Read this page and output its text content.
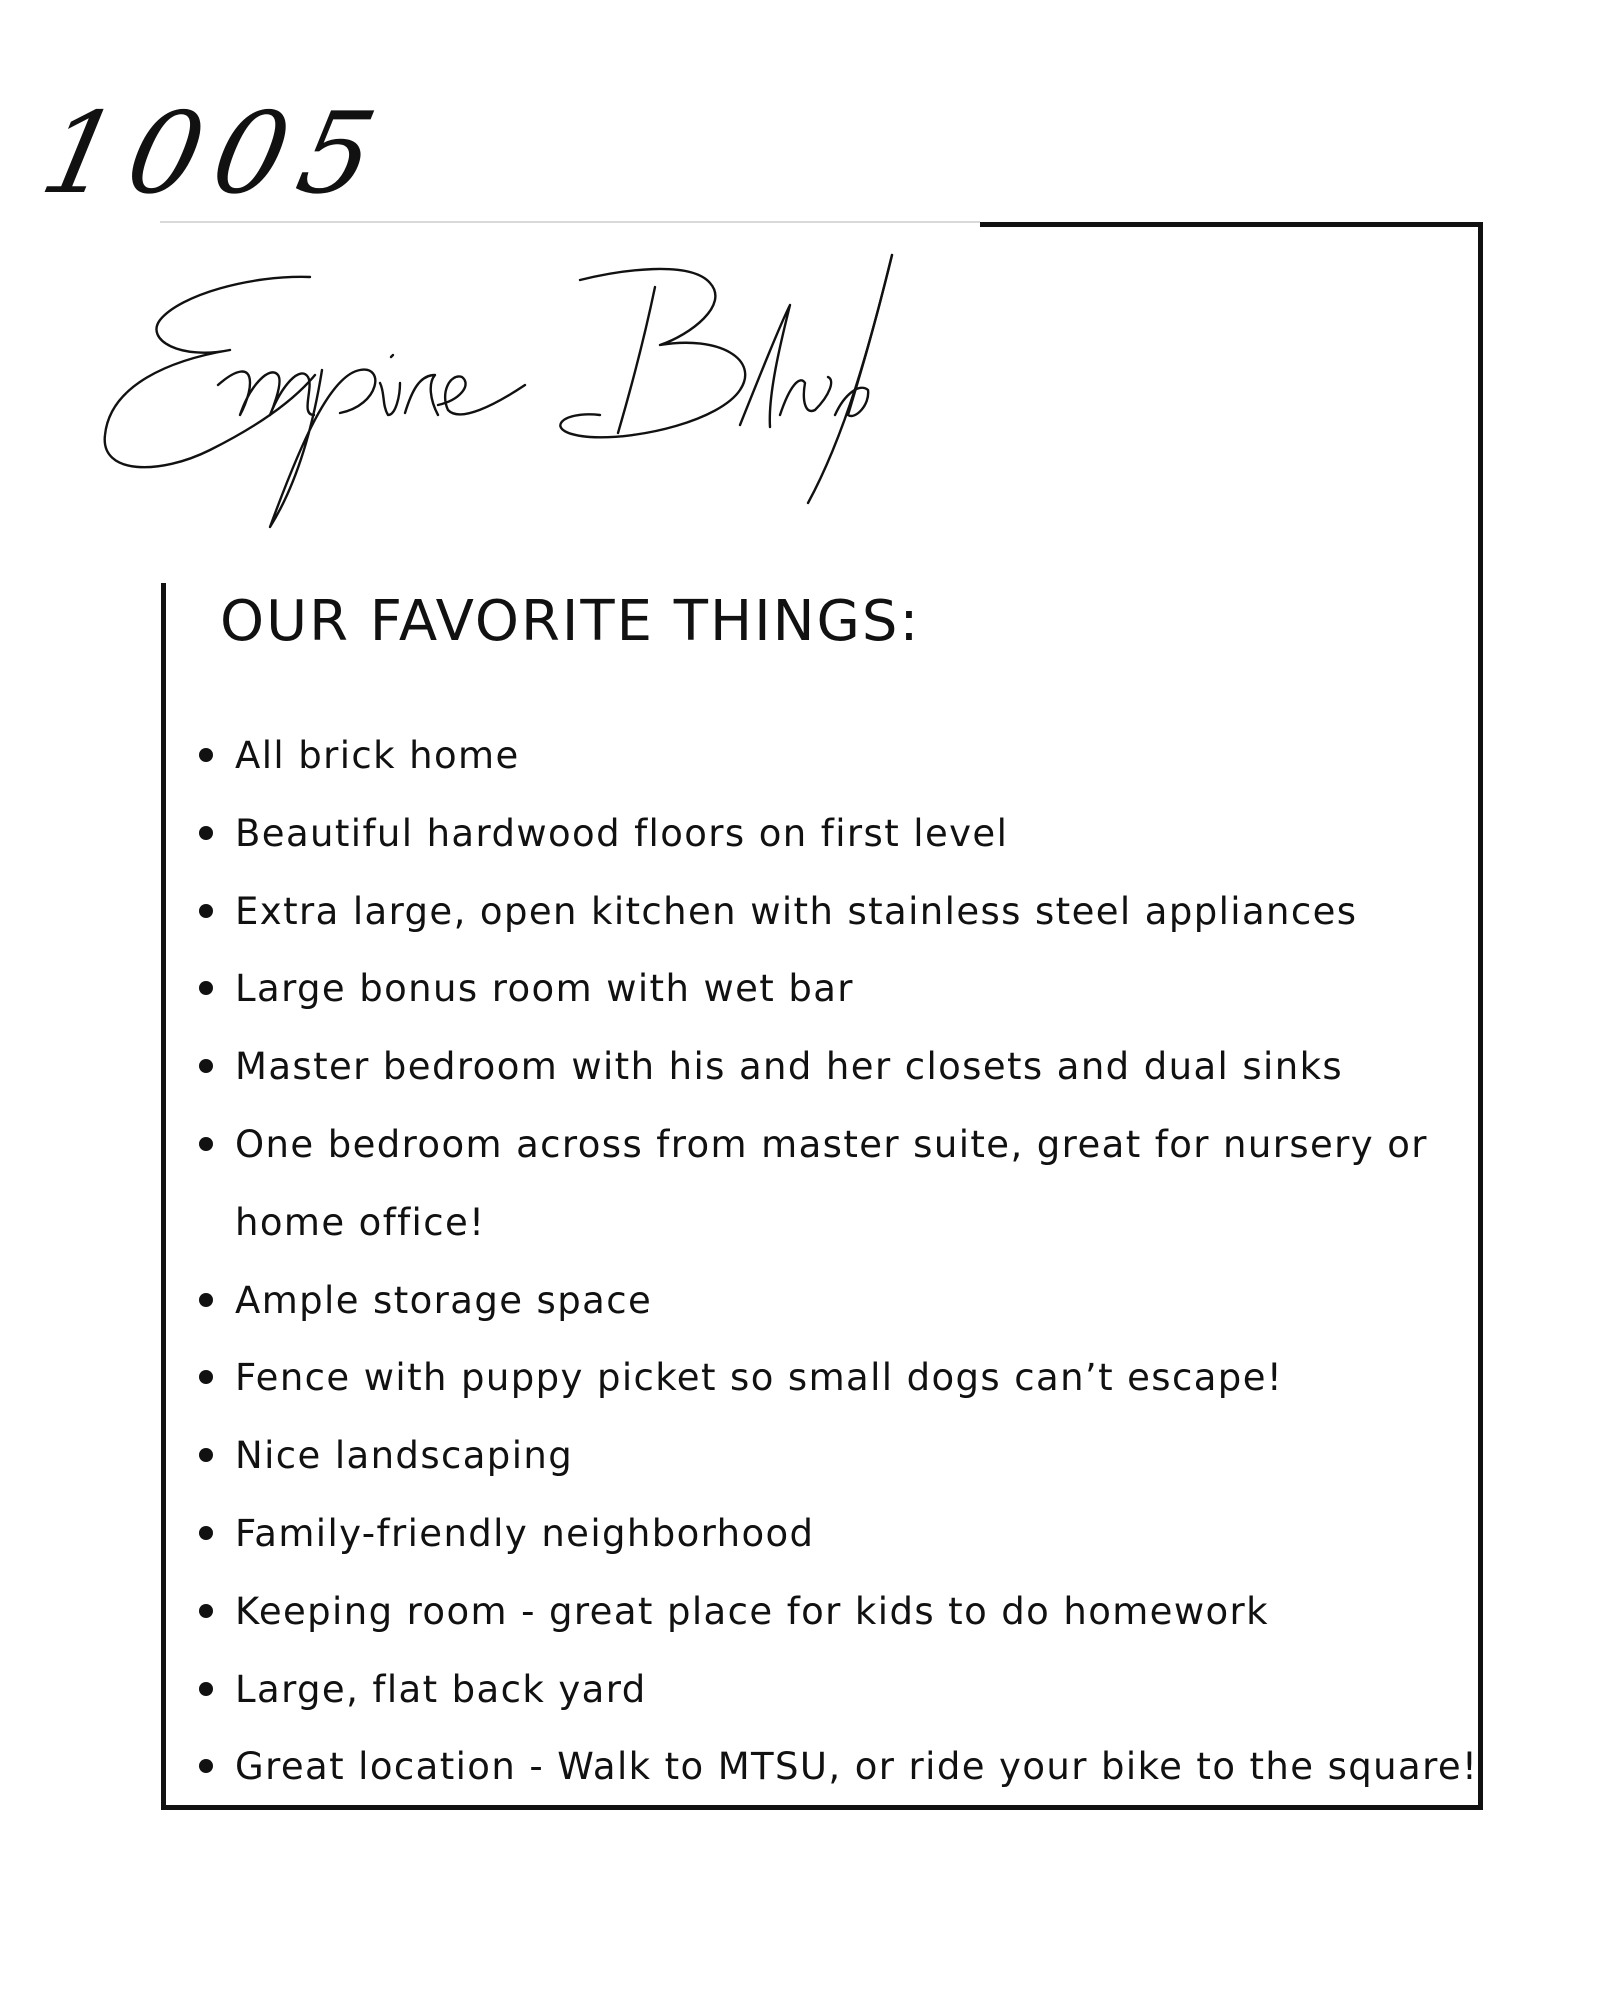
1005
OUR FAVORITE THINGS:
All brick home
Beautiful hardwood floors on first level
Extra large, open kitchen with stainless steel appliances
Large bonus room with wet bar
Master bedroom with his and her closets and dual sinks
One bedroom across from master suite, great for nursery or home office!
Ample storage space
Fence with puppy picket so small dogs can’t escape!
Nice landscaping
Family-friendly neighborhood
Keeping room - great place for kids to do homework
Large, flat back yard
Great location - Walk to MTSU, or ride your bike to the square!
